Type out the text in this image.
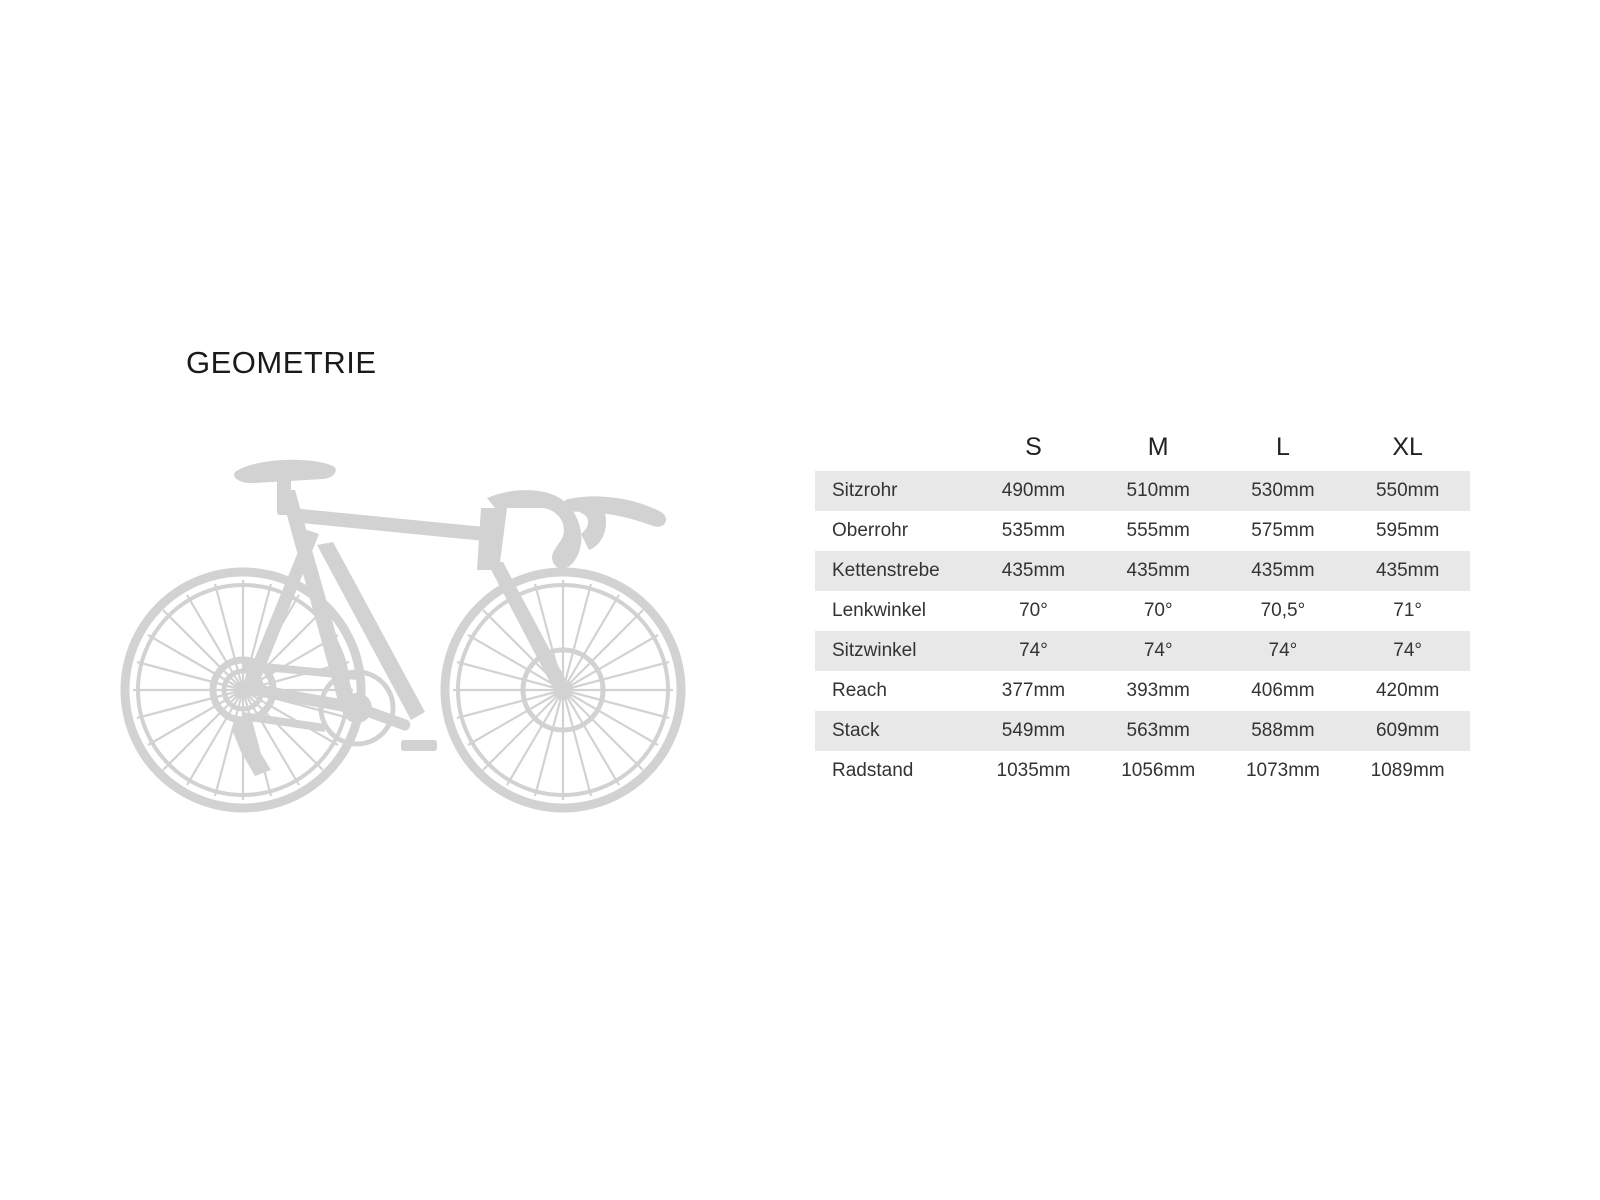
GEOMETRIE
	S	M	L	XL
Sitzrohr	490mm	510mm	530mm	550mm
Oberrohr	535mm	555mm	575mm	595mm
Kettenstrebe	435mm	435mm	435mm	435mm
Lenkwinkel	70°	70°	70,5°	71°
Sitzwinkel	74°	74°	74°	74°
Reach	377mm	393mm	406mm	420mm
Stack	549mm	563mm	588mm	609mm
Radstand	1035mm	1056mm	1073mm	1089mm
